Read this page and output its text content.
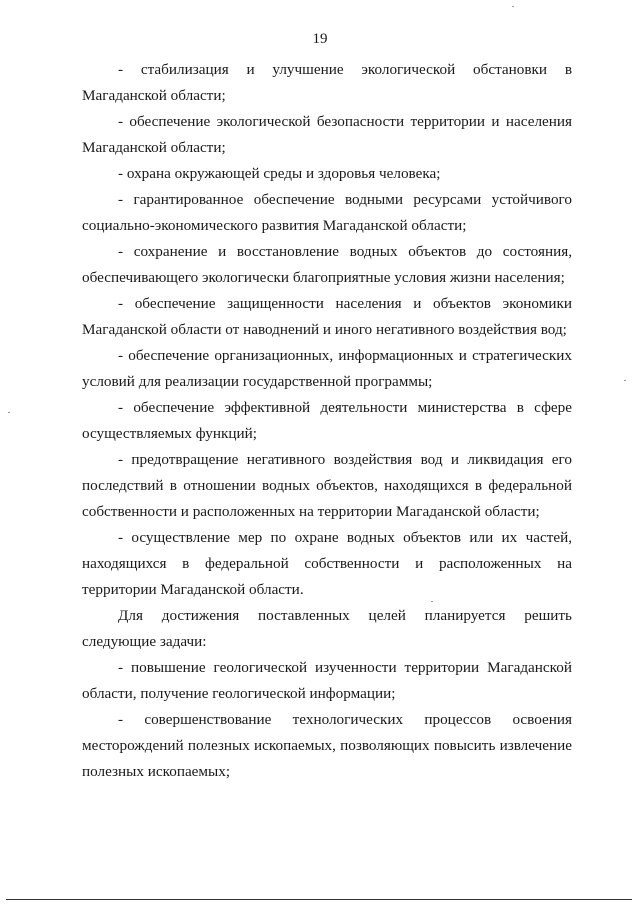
19

- стабилизация и улучшение экологической обстановки в Магаданской области;

- обеспечение экологической безопасности территории и населения Магаданской области;

- охрана окружающей среды и здоровья человека;

- гарантированное обеспечение водными ресурсами устойчивого социально-экономического развития Магаданской области;

- сохранение и восстановление водных объектов до состояния, обеспечивающего экологически благоприятные условия жизни населения;

- обеспечение защищенности населения и объектов экономики Магаданской области от наводнений и иного негативного воздействия вод;

- обеспечение организационных, информационных и стратегических условий для реализации государственной программы;

- обеспечение эффективной деятельности министерства в сфере осуществляемых функций;

- предотвращение негативного воздействия вод и ликвидация его последствий в отношении водных объектов, находящихся в федеральной собственности и расположенных на территории Магаданской области;

- осуществление мер по охране водных объектов или их частей, находящихся в федеральной собственности и расположенных на территории Магаданской области.

Для достижения поставленных целей планируется решить следующие задачи:

- повышение геологической изученности территории Магаданской области, получение геологической информации;

- совершенствование технологических процессов освоения месторождений полезных ископаемых, позволяющих повысить извлечение полезных ископаемых;
